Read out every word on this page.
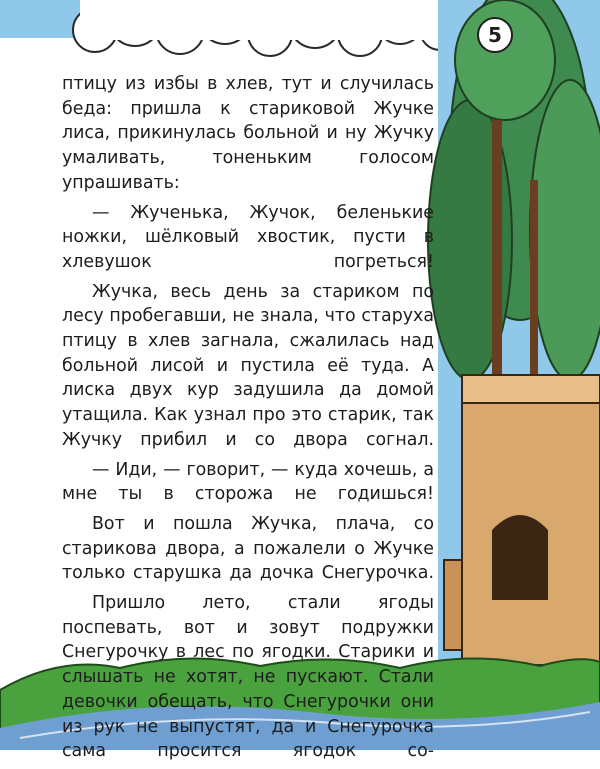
5

птицу из избы в хлев, тут и случилась беда: пришла к стариковой Жучке лиса, прикинулась больной и ну Жучку умаливать, тоненьким голосом упрашивать:

— Жученька, Жучок, беленькие ножки, шёлковый хвостик, пусти в хлевушок погреться!

Жучка, весь день за стариком по лесу пробегавши, не знала, что старуха птицу в хлев загнала, сжалилась над больной лисой и пустила её туда. А лиска двух кур задушила да домой утащила. Как узнал про это старик, так Жучку прибил и со двора согнал.

— Иди, — говорит, — куда хочешь, а мне ты в сторожа не годишься!

Вот и пошла Жучка, плача, со старикова двора, а пожалели о Жучке только старушка да дочка Снегурочка.

Пришло лето, стали ягоды поспевать, вот и зовут подружки Снегурочку в лес по ягодки. Старики и слышать не хотят, не пускают. Стали девочки обещать, что Снегурочки они из рук не выпустят, да и Снегурочка сама просится ягодок со-
